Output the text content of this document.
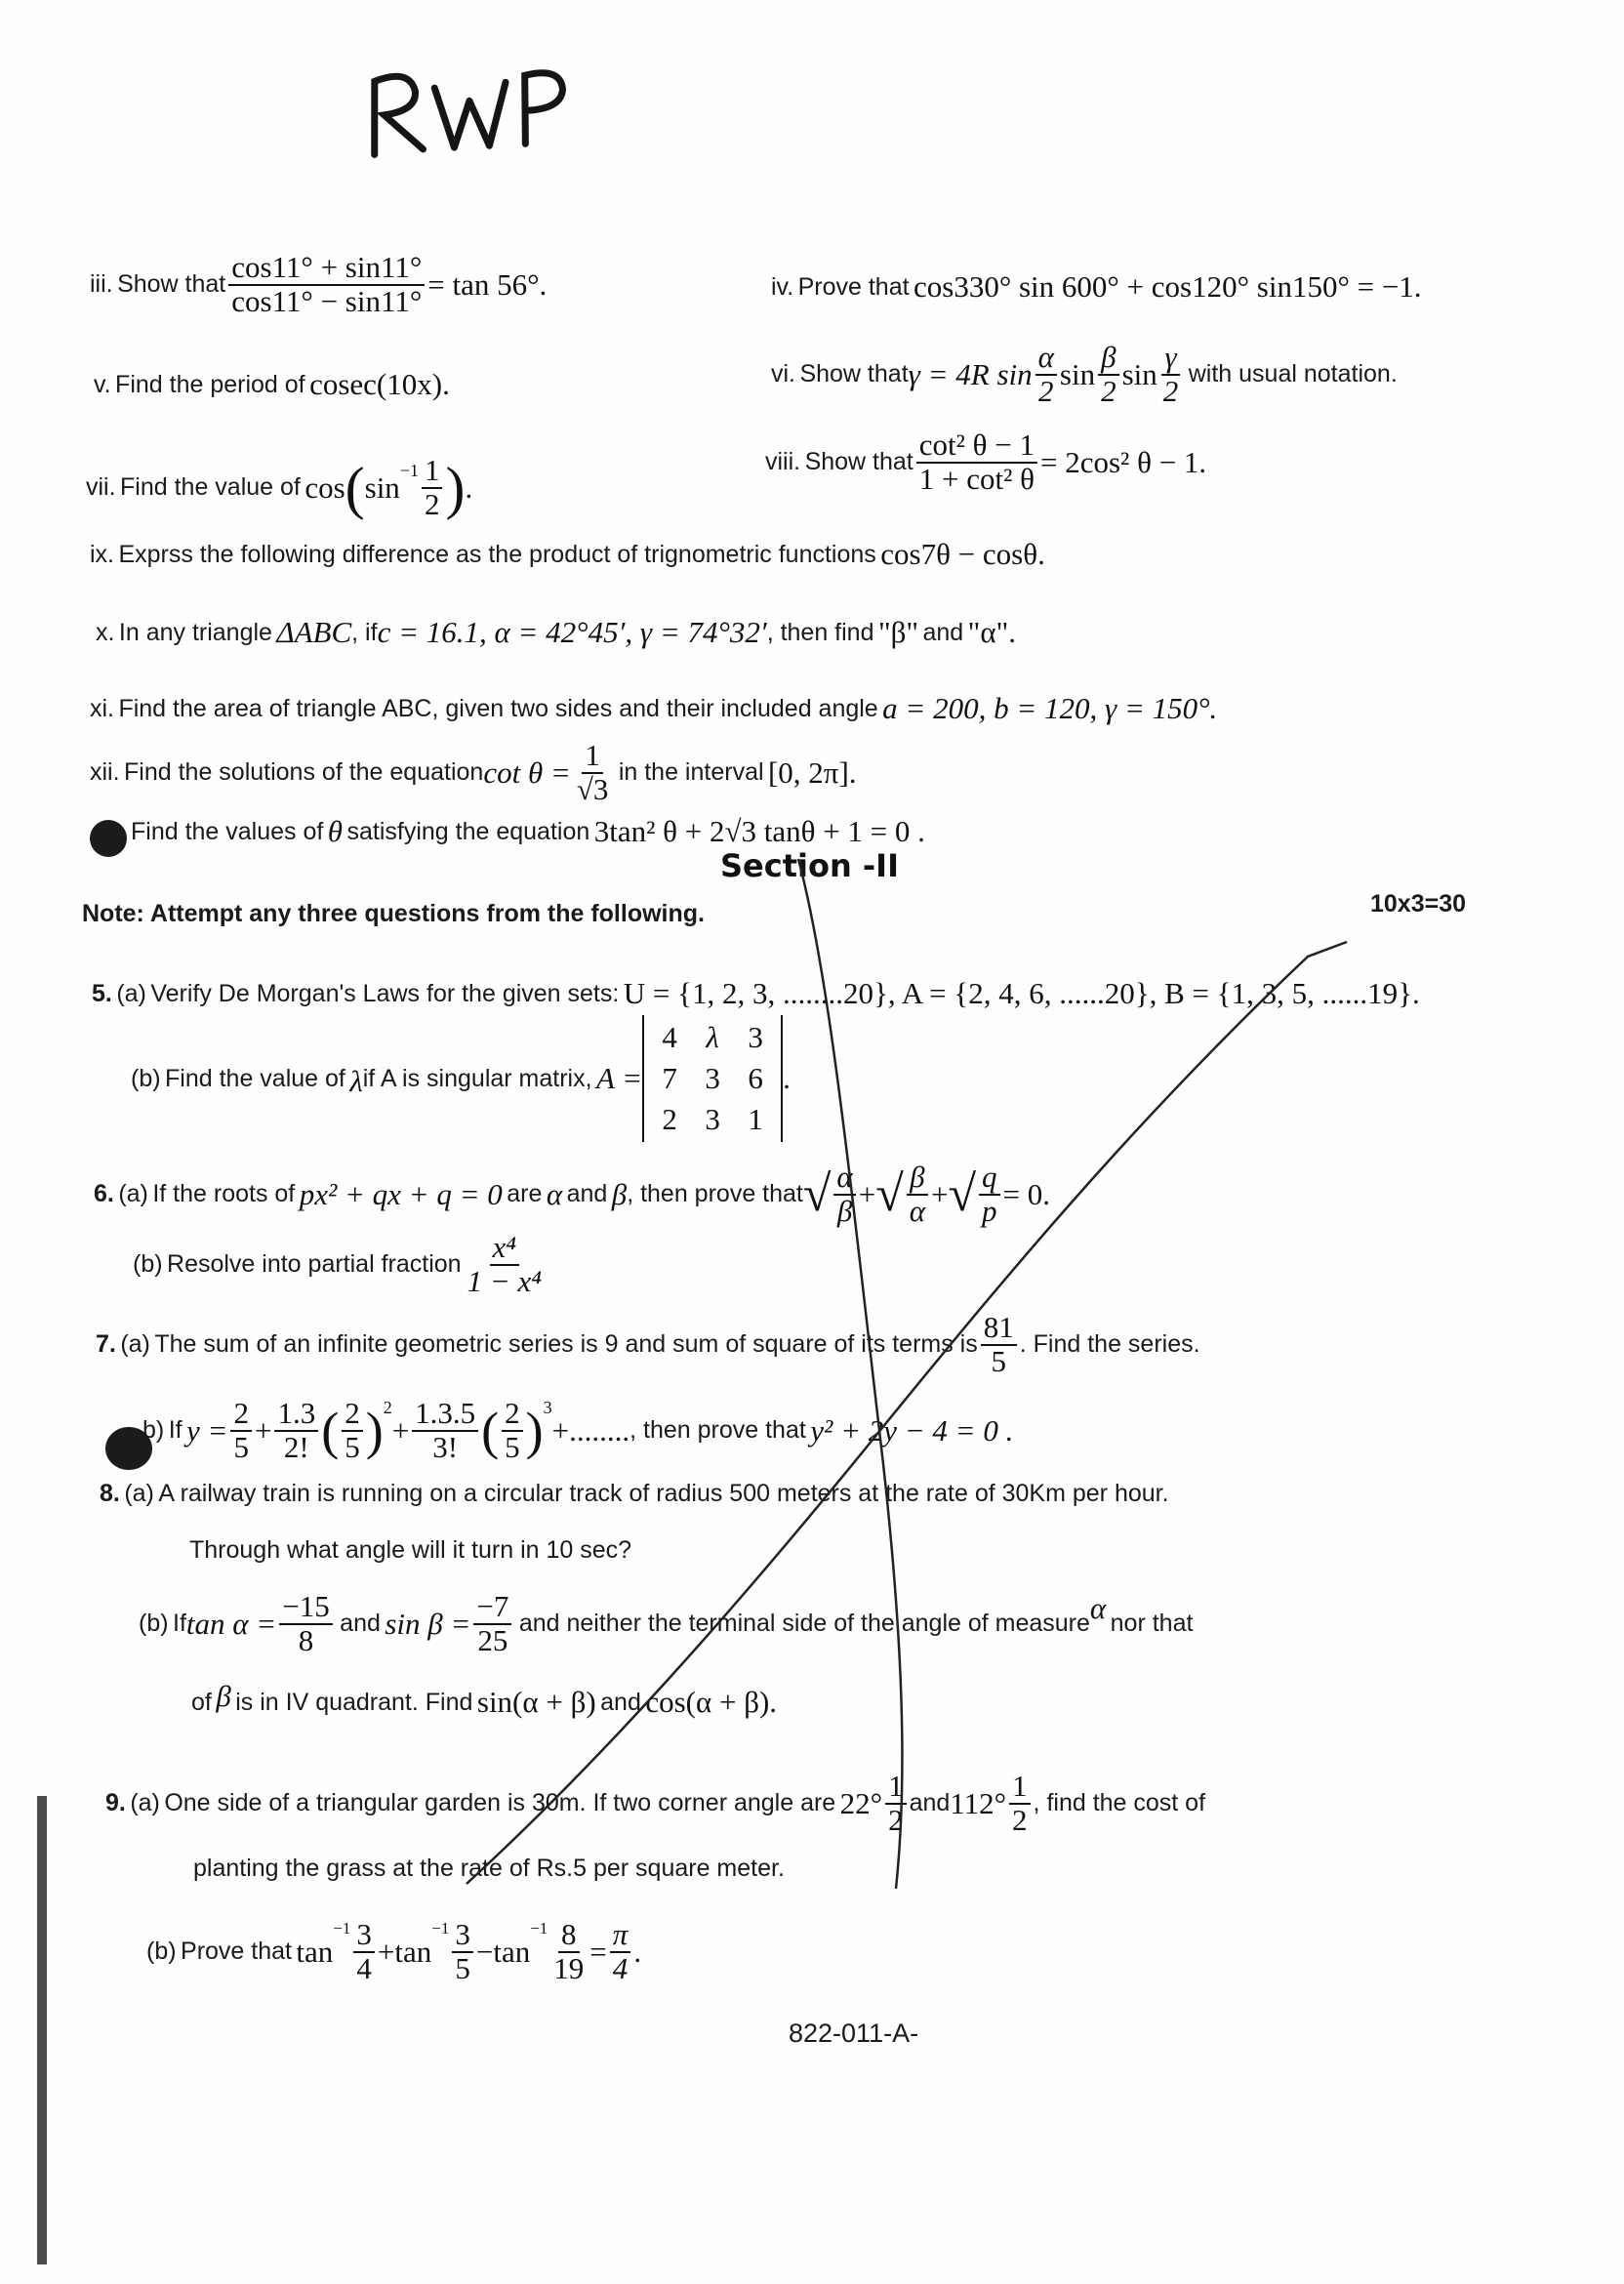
iii.
Show that $\frac{\cos 11^\circ + \sin 11^\circ}{\cos 11^\circ - \sin 11^\circ} = \tan 56^\circ$.	iv.
Prove that
cos330° sin 600° + cos120° sin150° = −1.
v.
Find the period of
cosec(10x).	vi.
Show that γ = 4R $\sin \frac{\alpha}{2}$ $\sin \frac{\beta}{2}$ $\sin \frac{\gamma}{2}$
with usual notation.
vii.
Find the value of
cos ( $\sin -1 \frac{1}{2}$ ) .
viii.
Show that $\frac{\text{cot² θ − 1}}{\text{1 + cot² θ}} = 2\cos^2$ θ − 1.
ix.
Exprss the following difference as the product of trignometric functions
cos7θ − cosθ.
x.
In any triangle
ΔABC , if c = 16.1, α = 42°45′, γ = 74°32′ , then find
"β"
and
"α".
xi.
Find the area of triangle ABC, given two sides and their included angle
a = 200, b = 120, γ = 150°.
xii.
Find the solutions of the equation $\cot \theta = \frac{1}{√3}$
in the interval
[0, 2π].
Find the values of
θ
satisfying the equation
3tan² θ + 2√3 tanθ + 1 = 0 .
Section -II
Note: Attempt any three questions from the following.	10x3=30
5.
(a)
Verify De Morgan's Laws for the given sets:
U = {1, 2, 3, ........20}, A = {2, 4, 6, ......20}, B = {1, 3, 5, ......19}.
(b)
Find the value of
λ if A is singular matrix,
A =
4 λ 3
7 3 6
2 3 1
.
6.
(a)
If the roots of
px² + qx + q = 0
are
α
and
β , then prove that √ $\frac{\alpha}{\beta}$ + √ $\frac{\beta}{\alpha}$ + √ $\frac{q}{p} = 0$.
(b)
Resolve into partial fraction $\frac{\text{x⁴}}{\text{1 − x⁴}}$
7.
(a)
The sum of an infinite geometric series is 9 and sum of square of its terms is $\frac{81}{5}$ . Find the series.
b)
If
$y = \frac{2}{5} + \frac{1.3}{2!}$ ( $\frac{2}{5}$ ) 2
+ $\frac{1.3.5}{3!}$ ( $\frac{2}{5}$ ) 3
+........ , then prove that
y² + 2y − 4 = 0 .
8.
(a)
A railway train is running on a circular track of radius 500 meters at the rate of 30Km per hour.
Through what angle will it turn in 10 sec?
(b)
If $\tan \alpha = \frac{-15}{8}$
and
$\sin \beta = \frac{-7}{25}$
and neither the terminal side of the angle of measure α
nor that
of
β
is in IV quadrant. Find
sin(α + β)
and
cos(α + β).
9.
(a)
One side of a triangular garden is 30m. If two corner angle are
$22^\circ \frac{1}{2}$ and $112^\circ \frac{1}{2}$ , find the cost of
planting the grass at the rate of Rs.5 per square meter.
(b)
Prove that
tan
$-1 \frac{3}{4} + \tan$
$-1 \frac{3}{5} - \tan$
$-1 \frac{8}{19} = \frac{\pi}{4}$ .
822-011-A-
